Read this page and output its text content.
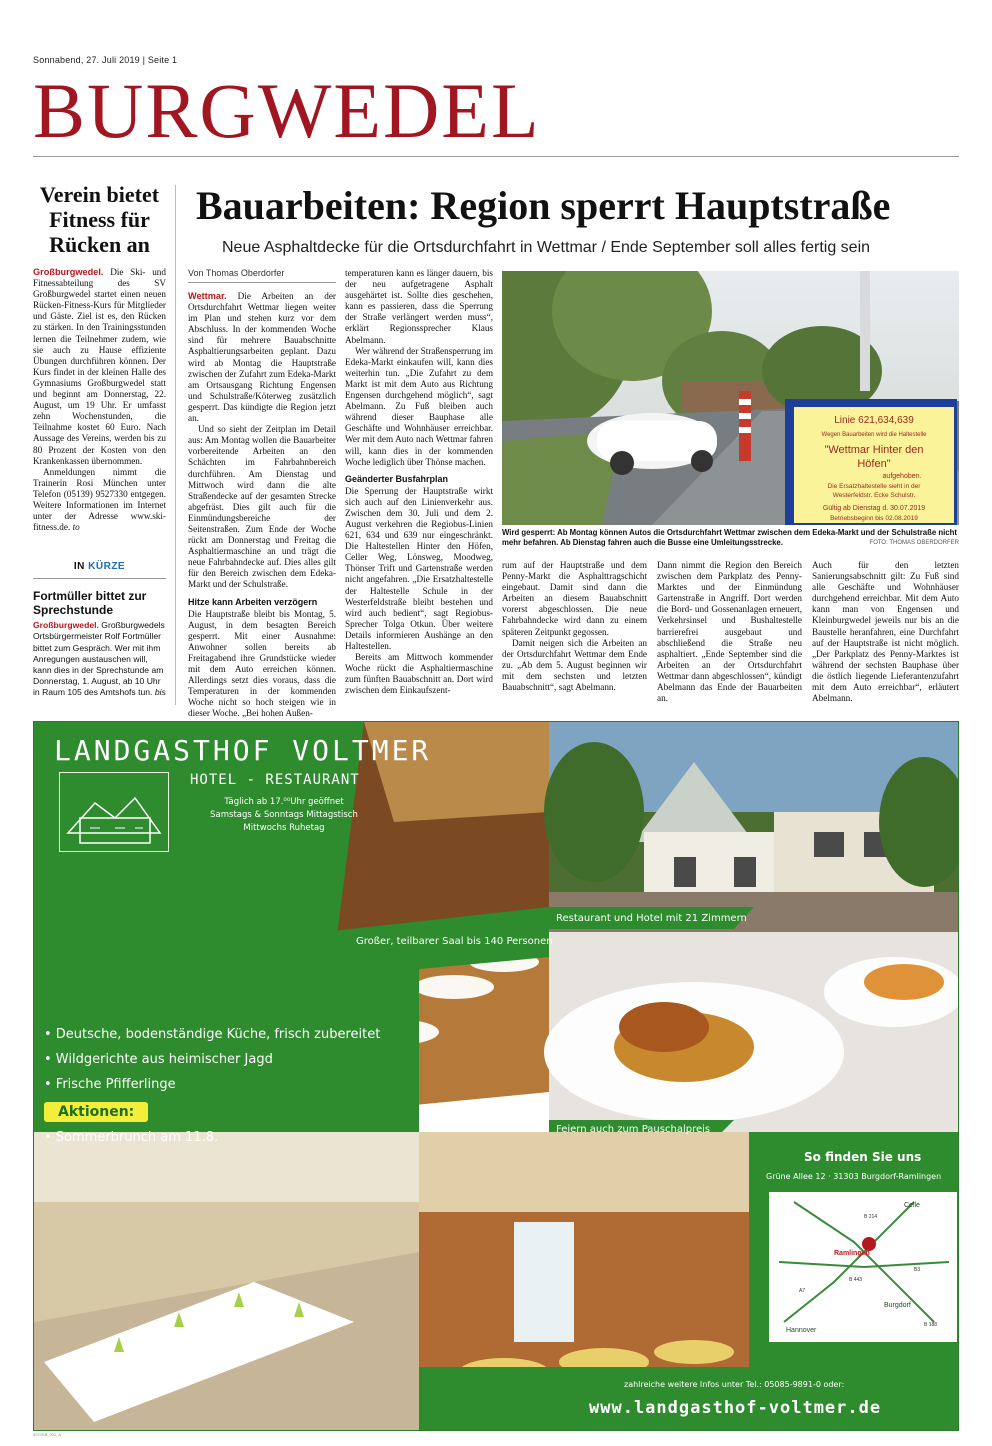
Sonnabend, 27. Juli 2019 | Seite 1
BURGWEDEL
Verein bietet Fitness für Rücken an

Großburgwedel. Die Ski- und Fitnessabteilung des SV Großburgwedel startet einen neuen Rücken-Fitness-Kurs für Mitglieder und Gäste. Ziel ist es, den Rücken zu stärken. In den Trainingsstunden lernen die Teilnehmer zudem, wie sie auch zu Hause effiziente Übungen durchführen können. Der Kurs findet in der kleinen Halle des Gymnasiums Großburgwedel statt und beginnt am Donnerstag, 22. August, um 19 Uhr. Er umfasst zehn Wochenstunden, die Teilnahme kostet 60 Euro. Nach Aussage des Vereins, werden bis zu 80 Prozent der Kosten von den Krankenkassen übernommen.

Anmeldungen nimmt die Trainerin Rosi München unter Telefon (05139) 9527330 entgegen. Weitere Informationen im Internet unter der Adresse www.ski-fitness.de. to

IN KÜRZE
Fortmüller bittet zur Sprechstunde

Großburgwedel. Großburgwedels Ortsbürgermeister Rolf Fortmüller bittet zum Gespräch. Wer mit ihm Anregungen austauschen will, kann dies in der Sprechstunde am Donnerstag, 1. August, ab 10 Uhr in Raum 105 des Amtshofs tun. bis

Bauarbeiten: Region sperrt Hauptstraße
Neue Asphaltdecke für die Ortsdurchfahrt in Wettmar / Ende September soll alles fertig sein
Von Thomas Oberdorfer

Wettmar. Die Arbeiten an der Ortsdurchfahrt Wettmar liegen weiter im Plan und stehen kurz vor dem Abschluss. In der kommenden Woche sind für mehrere Bauabschnitte Asphaltierungsarbeiten geplant. Dazu wird ab Montag die Hauptstraße zwischen der Zufahrt zum Edeka-Markt am Ortsausgang Richtung Engensen und Schulstraße/Köterweg zusätzlich gesperrt. Das kündigte die Region jetzt an.

Und so sieht der Zeitplan im Detail aus: Am Montag wollen die Bauarbeiter vorbereitende Arbeiten an den Schächten im Fahrbahnbereich durchführen. Am Dienstag und Mittwoch wird dann die alte Straßendecke auf der gesamten Strecke abgefräst. Dies gilt auch für die Einmündungsbereiche der Seitenstraßen. Zum Ende der Woche rückt am Donnerstag und Freitag die Asphaltiermaschine an und trägt die neue Fahrbahndecke auf. Dies alles gilt für den Bereich zwischen dem Edeka-Markt und der Schulstraße.

Hitze kann Arbeiten verzögern

Die Hauptstraße bleibt bis Montag, 5. August, in dem besagten Bereich gesperrt. Mit einer Ausnahme: Anwohner sollen bereits ab Freitagabend ihre Grundstücke wieder mit dem Auto erreichen können. Allerdings setzt dies voraus, dass die Temperaturen in der kommenden Woche nicht so hoch steigen wie in dieser Woche. „Bei hohen Außen-

temperaturen kann es länger dauern, bis der neu aufgetragene Asphalt ausgehärtet ist. Sollte dies geschehen, kann es passieren, dass die Sperrung der Straße verlängert werden muss“, erklärt Regionssprecher Klaus Abelmann.

Wer während der Straßensperrung im Edeka-Markt einkaufen will, kann dies weiterhin tun. „Die Zufahrt zu dem Markt ist mit dem Auto aus Richtung Engensen durchgehend möglich“, sagt Abelmann. Zu Fuß bleiben auch während dieser Bauphase alle Geschäfte und Wohnhäuser erreichbar. Wer mit dem Auto nach Wettmar fahren will, kann dies in der kommenden Woche lediglich über Thönse machen.

Geänderter Busfahrplan

Die Sperrung der Hauptstraße wirkt sich auch auf den Linienverkehr aus. Zwischen dem 30. Juli und dem 2. August verkehren die Regiobus-Linien 621, 634 und 639 nur eingeschränkt. Die Haltestellen Hinter den Höfen, Celler Weg, Lönsweg, Moodweg, Thönser Trift und Gartenstraße werden nicht angefahren. „Die Ersatzhaltestelle der Haltestelle Schule in der Westerfeldstraße bleibt bestehen und wird auch bedient“, sagt Regiobus-Sprecher Tolga Otkun. Über weitere Details informieren Aushänge an den Haltestellen.

Bereits am Mittwoch kommender Woche rückt die Asphaltiermaschine zum fünften Bauabschnitt an. Dort wird zwischen dem Einkaufszent-

rum auf der Hauptstraße und dem Penny-Markt die Asphalttragschicht eingebaut. Damit sind dann die Arbeiten an diesem Bauabschnitt vorerst abgeschlossen. Die neue Fahrbahndecke wird dann zu einem späteren Zeitpunkt gegossen.

Damit neigen sich die Arbeiten an der Ortsdurchfahrt Wettmar dem Ende zu. „Ab dem 5. August beginnen wir mit dem sechsten und letzten Bauabschnitt“, sagt Abelmann.

Dann nimmt die Region den Bereich zwischen dem Parkplatz des Penny-Marktes und der Einmündung Gartenstraße in Angriff. Dort werden die Bord- und Gossenanlagen erneuert, Verkehrsinsel und Bushaltestelle barrierefrei ausgebaut und abschließend die Straße neu asphaltiert. „Ende September sind die Arbeiten an der Ortsdurchfahrt Wettmar dann abgeschlossen“, kündigt Abelmann das Ende der Bauarbeiten an.

Auch für den letzten Sanierungsabschnitt gilt: Zu Fuß sind alle Geschäfte und Wohnhäuser durchgehend erreichbar. Mit dem Auto kann man von Engensen und Kleinburgwedel jeweils nur bis an die Baustelle heranfahren, eine Durchfahrt auf der Hauptstraße ist nicht möglich. „Der Parkplatz des Penny-Marktes ist während der sechsten Bauphase über die östlich liegende Lieferantenzufahrt mit dem Auto erreichbar“, erläutert Abelmann.

Linie 621,634,639
Wegen Bauarbeiten wird die Haltestelle
"Wettmar Hinter den
Höfen"
aufgehoben.
Die Ersatzhaltestelle sieht in der
Westerfeldstr. Ecke Schulstr.
Gültig ab Dienstag d. 30.07.2019
Betriebsbeginn bis 02.08.2019
Wird gesperrt: Ab Montag können Autos die Ortsdurchfahrt Wettmar zwischen dem Edeka-Markt und der Schulstraße nicht mehr befahren. Ab Dienstag fahren auch die Busse eine Umleitungsstrecke.	FOTO: THOMAS OBERDORFER
LANDGASTHOF VOLTMER
HOTEL - RESTAURANT
Täglich ab 17.⁰⁰Uhr geöffnet
Samstags & Sonntags Mittagstisch
Mittwochs Ruhetag
Großer, teilbarer Saal bis 140 Personen
Restaurant und Hotel mit 21 Zimmern
• Deutsche, bodenständige Küche, frisch zubereitet
• Wildgerichte aus heimischer Jagd
• Frische Pfifferlinge
Aktionen:
• Sommerbrunch am 11.8.
Feiern auch zum Pauschalpreis
So finden Sie uns
Grüne Allee 12 · 31303 Burgdorf-Ramlingen
Celle
Ramlingen
Burgdorf
Hannover
B 214
B3
A7
B 443
B 188
zahlreiche weitere Infos unter Tel.: 05085-9891-0 oder:
www.landgasthof-voltmer.de
3070SB_001_A
